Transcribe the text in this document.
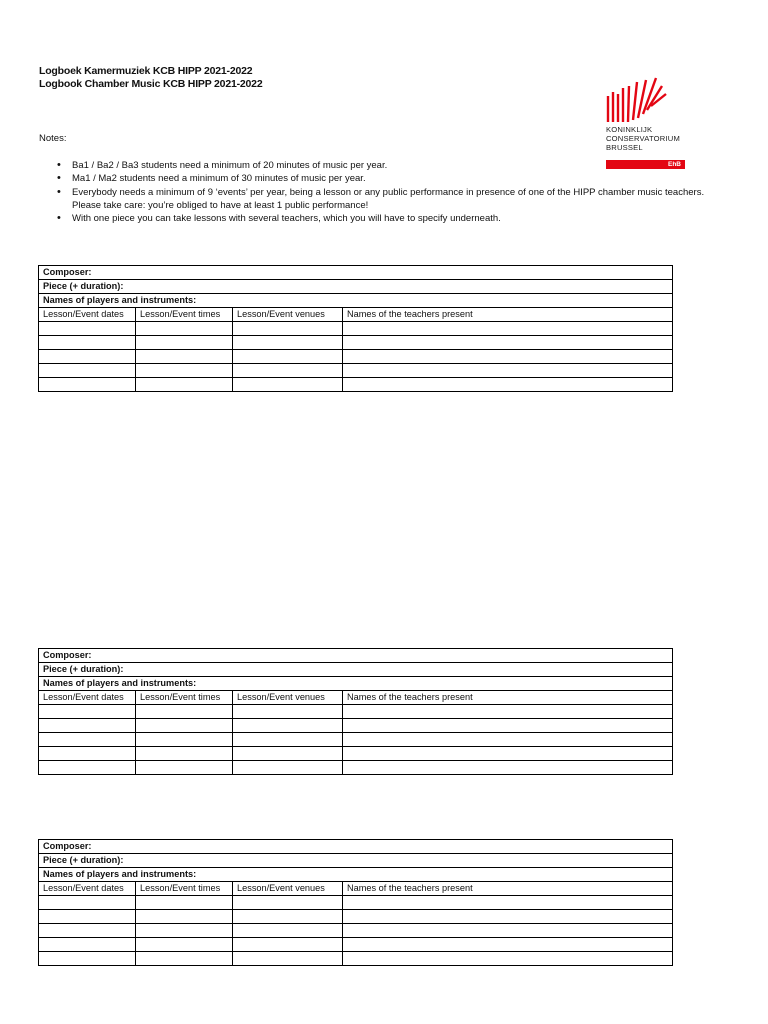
Logboek Kamermuziek KCB HIPP 2021-2022
Logbook Chamber Music KCB HIPP 2021-2022
KONINKLIJK
CONSERVATORIUM
BRUSSEL
EhB
Notes:
• Ba1 / Ba2 / Ba3 students need a minimum of 20 minutes of music per year.
• Ma1 / Ma2 students need a minimum of 30 minutes of music per year.
• Everybody needs a minimum of 9 ‘events’ per year, being a lesson or any public performance in presence of one of the HIPP chamber music teachers. Please take care: you’re obliged to have at least 1 public performance!
• With one piece you can take lessons with several teachers, which you will have to specify underneath.
Composer:			
Piece (+ duration):			
Names of players and instruments:			
Lesson/Event dates	Lesson/Event times	Lesson/Event venues	Names of the teachers present

Composer:			
Piece (+ duration):			
Names of players and instruments:			
Lesson/Event dates	Lesson/Event times	Lesson/Event venues	Names of the teachers present

Composer:			
Piece (+ duration):			
Names of players and instruments:			
Lesson/Event dates	Lesson/Event times	Lesson/Event venues	Names of the teachers present
